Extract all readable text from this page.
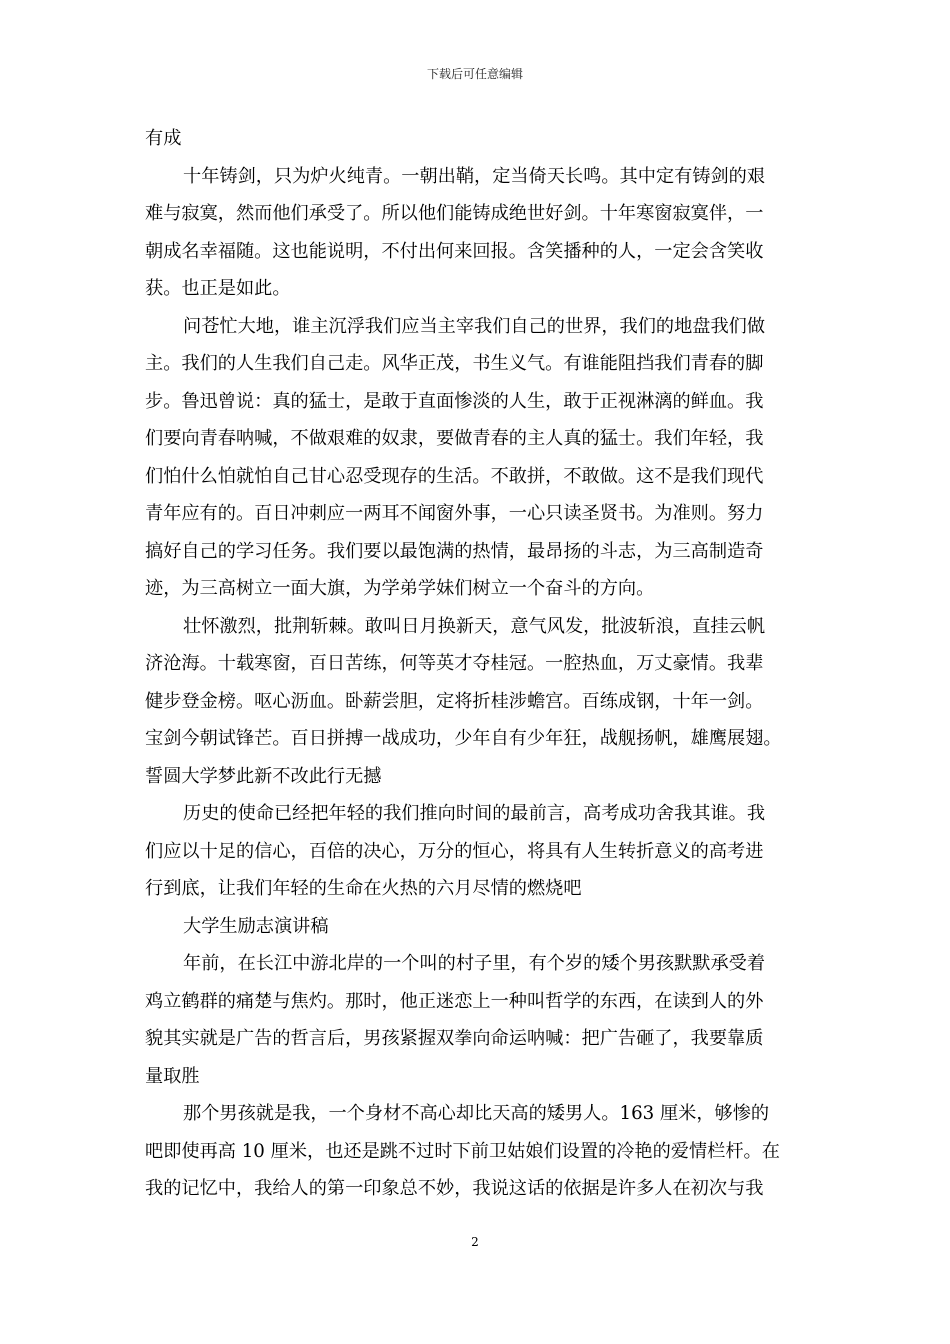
下载后可任意编辑
有成
十年铸剑，只为炉火纯青。一朝出鞘，定当倚天长鸣。其中定有铸剑的艰
难与寂寞，然而他们承受了。所以他们能铸成绝世好剑。十年寒窗寂寞伴，一
朝成名幸福随。这也能说明，不付出何来回报。含笑播种的人，一定会含笑收
获。也正是如此。
问苍忙大地，谁主沉浮我们应当主宰我们自己的世界，我们的地盘我们做
主。我们的人生我们自己走。风华正茂，书生义气。有谁能阻挡我们青春的脚
步。鲁迅曾说：真的猛士，是敢于直面惨淡的人生，敢于正视淋漓的鲜血。我
们要向青春呐喊，不做艰难的奴隶，要做青春的主人真的猛士。我们年轻，我
们怕什么怕就怕自己甘心忍受现存的生活。不敢拼，不敢做。这不是我们现代
青年应有的。百日冲刺应一两耳不闻窗外事，一心只读圣贤书。为准则。努力
搞好自己的学习任务。我们要以最饱满的热情，最昂扬的斗志，为三高制造奇
迹，为三高树立一面大旗，为学弟学妹们树立一个奋斗的方向。
壮怀激烈，批荆斩棘。敢叫日月换新天，意气风发，批波斩浪，直挂云帆
济沧海。十载寒窗，百日苦练，何等英才夺桂冠。一腔热血，万丈豪情。我辈
健步登金榜。呕心沥血。卧薪尝胆，定将折桂涉蟾宫。百练成钢，十年一剑。
宝剑今朝试锋芒。百日拼搏一战成功，少年自有少年狂，战舰扬帆，雄鹰展翅。
誓圆大学梦此新不改此行无撼
历史的使命已经把年轻的我们推向时间的最前言，高考成功舍我其谁。我
们应以十足的信心，百倍的决心，万分的恒心，将具有人生转折意义的高考进
行到底，让我们年轻的生命在火热的六月尽情的燃烧吧
大学生励志演讲稿
年前，在长江中游北岸的一个叫的村子里，有个岁的矮个男孩默默承受着
鸡立鹤群的痛楚与焦灼。那时，他正迷恋上一种叫哲学的东西，在读到人的外
貌其实就是广告的哲言后，男孩紧握双拳向命运呐喊：把广告砸了，我要靠质
量取胜
那个男孩就是我，一个身材不高心却比天高的矮男人。163 厘米，够惨的
吧即使再高 10 厘米，也还是跳不过时下前卫姑娘们设置的冷艳的爱情栏杆。在
我的记忆中，我给人的第一印象总不妙，我说这话的依据是许多人在初次与我
2
